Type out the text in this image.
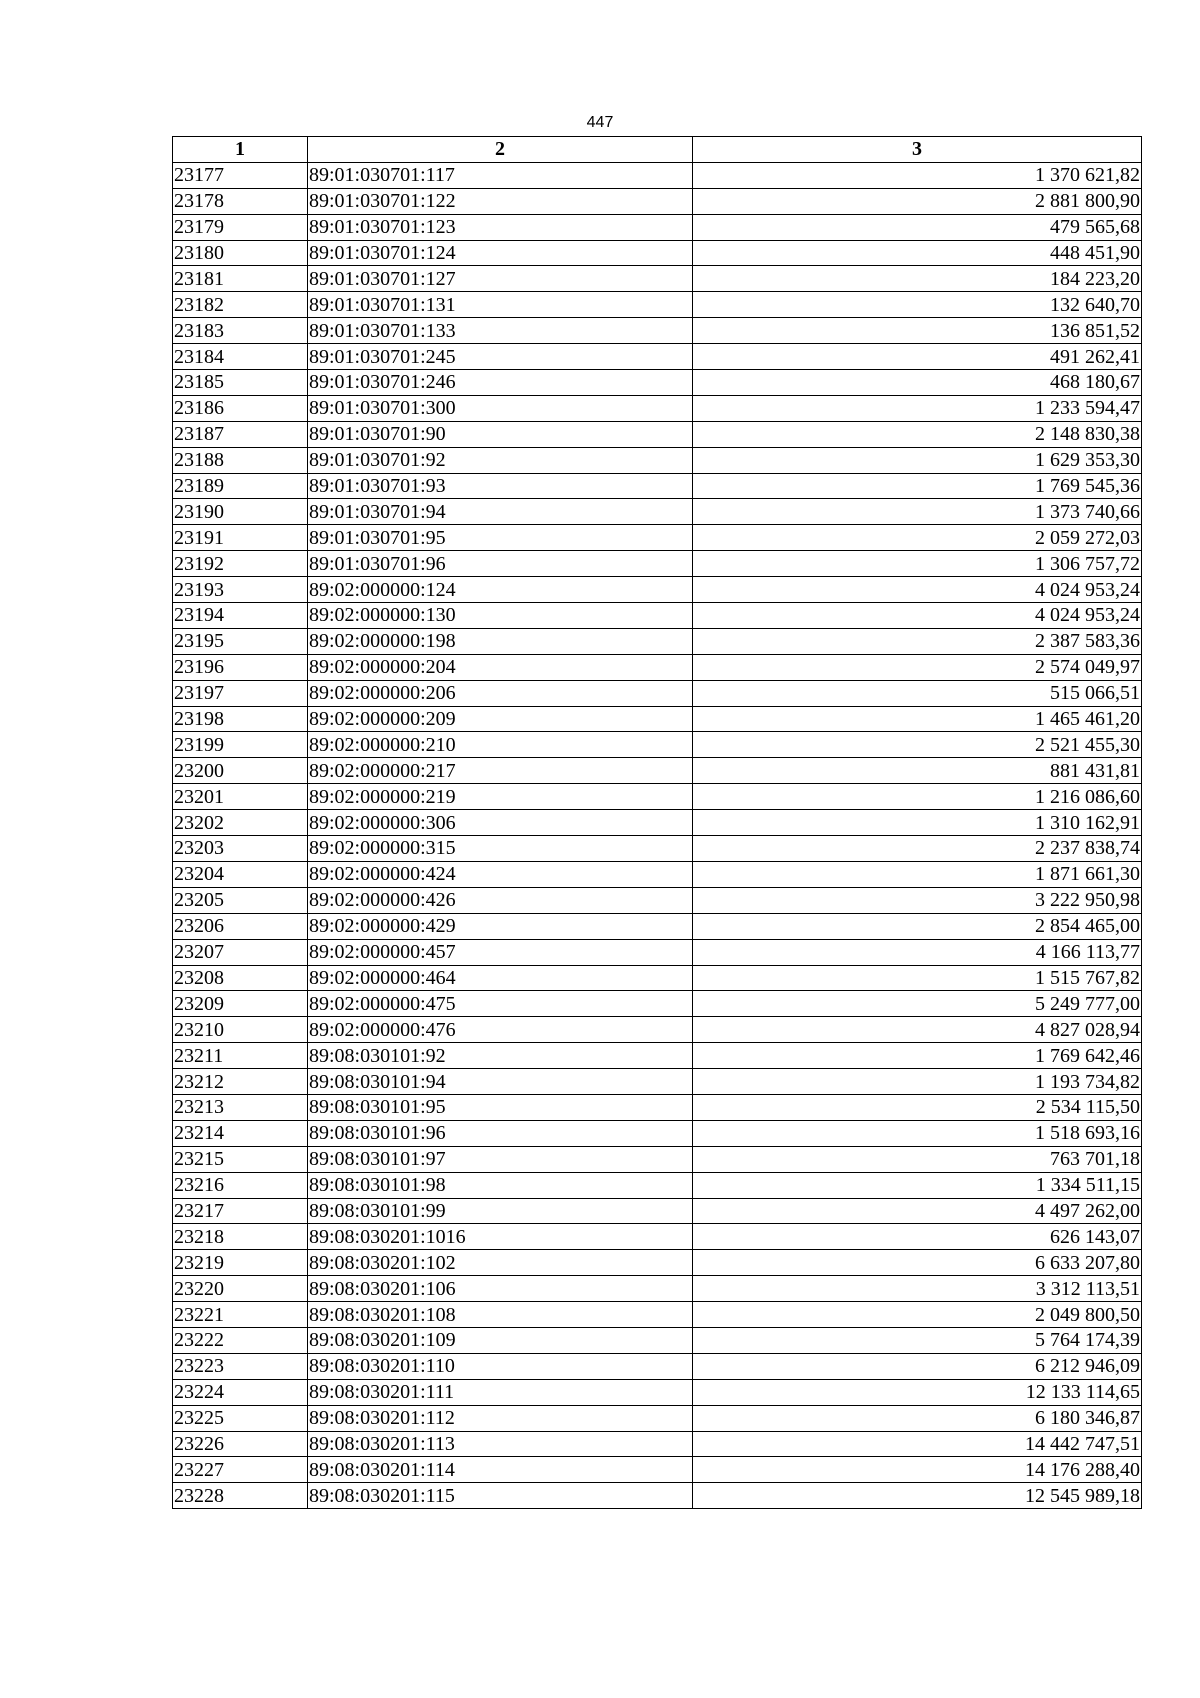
447
1	2	3
23177	89:01:030701:117	1 370 621,82
23178	89:01:030701:122	2 881 800,90
23179	89:01:030701:123	479 565,68
23180	89:01:030701:124	448 451,90
23181	89:01:030701:127	184 223,20
23182	89:01:030701:131	132 640,70
23183	89:01:030701:133	136 851,52
23184	89:01:030701:245	491 262,41
23185	89:01:030701:246	468 180,67
23186	89:01:030701:300	1 233 594,47
23187	89:01:030701:90	2 148 830,38
23188	89:01:030701:92	1 629 353,30
23189	89:01:030701:93	1 769 545,36
23190	89:01:030701:94	1 373 740,66
23191	89:01:030701:95	2 059 272,03
23192	89:01:030701:96	1 306 757,72
23193	89:02:000000:124	4 024 953,24
23194	89:02:000000:130	4 024 953,24
23195	89:02:000000:198	2 387 583,36
23196	89:02:000000:204	2 574 049,97
23197	89:02:000000:206	515 066,51
23198	89:02:000000:209	1 465 461,20
23199	89:02:000000:210	2 521 455,30
23200	89:02:000000:217	881 431,81
23201	89:02:000000:219	1 216 086,60
23202	89:02:000000:306	1 310 162,91
23203	89:02:000000:315	2 237 838,74
23204	89:02:000000:424	1 871 661,30
23205	89:02:000000:426	3 222 950,98
23206	89:02:000000:429	2 854 465,00
23207	89:02:000000:457	4 166 113,77
23208	89:02:000000:464	1 515 767,82
23209	89:02:000000:475	5 249 777,00
23210	89:02:000000:476	4 827 028,94
23211	89:08:030101:92	1 769 642,46
23212	89:08:030101:94	1 193 734,82
23213	89:08:030101:95	2 534 115,50
23214	89:08:030101:96	1 518 693,16
23215	89:08:030101:97	763 701,18
23216	89:08:030101:98	1 334 511,15
23217	89:08:030101:99	4 497 262,00
23218	89:08:030201:1016	626 143,07
23219	89:08:030201:102	6 633 207,80
23220	89:08:030201:106	3 312 113,51
23221	89:08:030201:108	2 049 800,50
23222	89:08:030201:109	5 764 174,39
23223	89:08:030201:110	6 212 946,09
23224	89:08:030201:111	12 133 114,65
23225	89:08:030201:112	6 180 346,87
23226	89:08:030201:113	14 442 747,51
23227	89:08:030201:114	14 176 288,40
23228	89:08:030201:115	12 545 989,18
